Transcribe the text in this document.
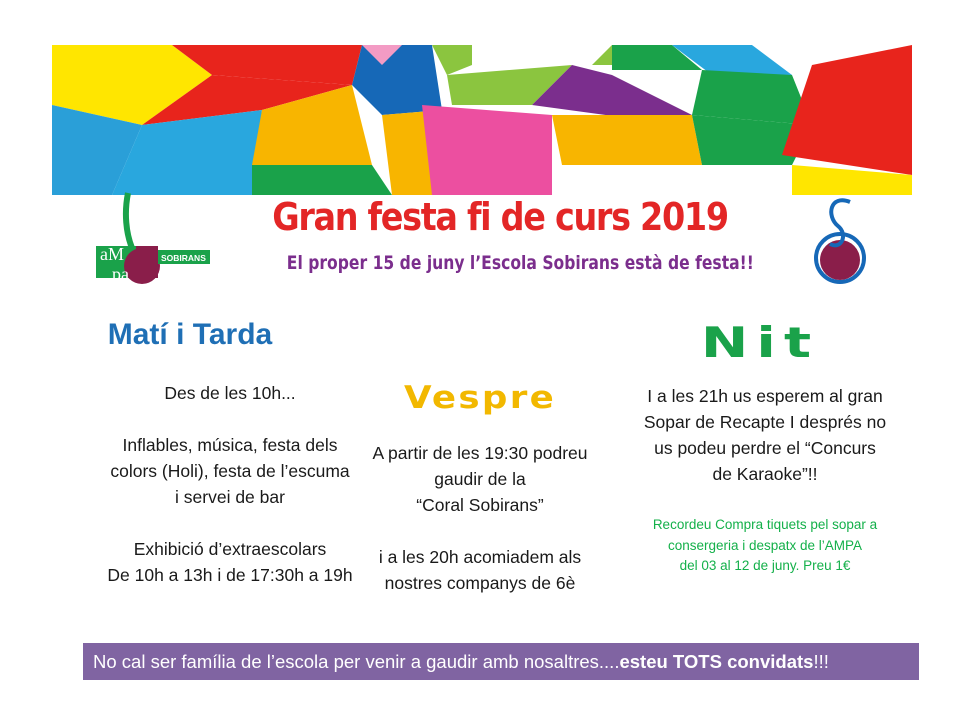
aM
pa
SOBIRANS
Gran festa fi de curs 2019
El proper 15 de juny l’Escola Sobirans està de festa!!
Matí i Tarda

Des de les 10h...

Inflables, música, festa dels

colors (Holi), festa de l’escuma

i servei de bar

Exhibició d’extraescolars

De 10h a 13h i de 17:30h a 19h

Vespre

A partir de les 19:30 podreu

gaudir de la

“Coral Sobirans”

i a les 20h acomiadem als

nostres companys de 6è

Nit

I a les 21h us esperem al gran

Sopar de Recapte I després no

us podeu perdre el “Concurs

de Karaoke”!!

Recordeu Compra tiquets pel sopar a

consergeria i despatx de l’AMPA

del 03 al 12 de juny. Preu 1€

No cal ser família de l’escola per venir a gaudir amb nosaltres....esteu TOTS convidats!!!
